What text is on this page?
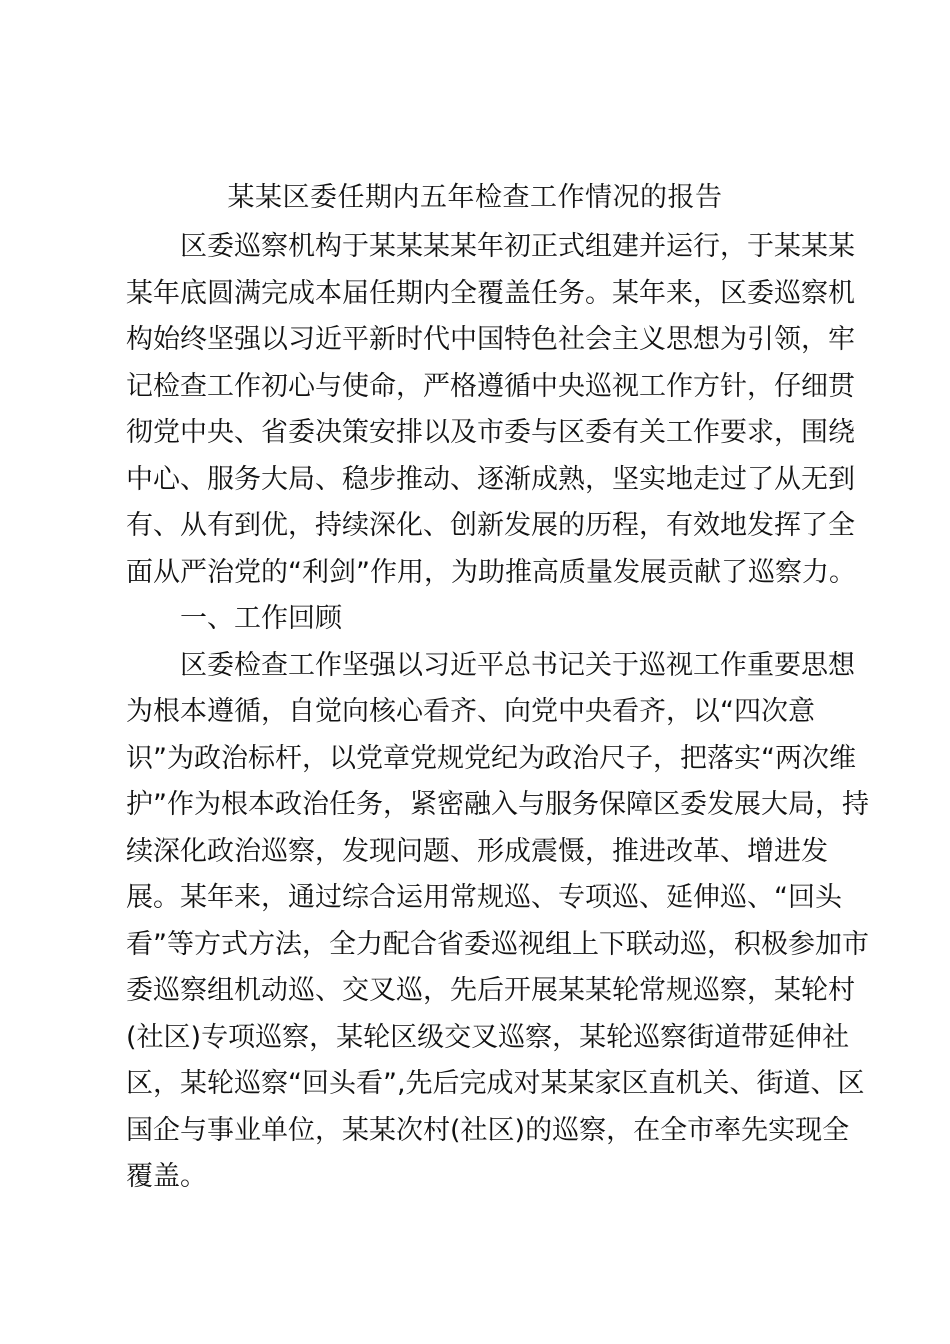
某某区委任期内五年检查工作情况的报告
区委巡察机构于某某某某年初正式组建并运行，于某某某
某年底圆满完成本届任期内全覆盖任务。某年来，区委巡察机
构始终坚强以习近平新时代中国特色社会主义思想为引领，牢
记检查工作初心与使命，严格遵循中央巡视工作方针，仔细贯
彻党中央、省委决策安排以及市委与区委有关工作要求，围绕
中心、服务大局、稳步推动、逐渐成熟，坚实地走过了从无到
有、从有到优，持续深化、创新发展的历程，有效地发挥了全
面从严治党的“利剑”作用，为助推高质量发展贡献了巡察力。
一、工作回顾
区委检查工作坚强以习近平总书记关于巡视工作重要思想
为根本遵循，自觉向核心看齐、向党中央看齐，以“四次意
识”为政治标杆，以党章党规党纪为政治尺子，把落实“两次维
护”作为根本政治任务，紧密融入与服务保障区委发展大局，持
续深化政治巡察，发现问题、形成震慑，推进改革、增进发
展。某年来，通过综合运用常规巡、专项巡、延伸巡、“回头
看”等方式方法，全力配合省委巡视组上下联动巡，积极参加市
委巡察组机动巡、交叉巡，先后开展某某轮常规巡察，某轮村
(社区)专项巡察，某轮区级交叉巡察，某轮巡察街道带延伸社
区，某轮巡察“回头看”,先后完成对某某家区直机关、街道、区
国企与事业单位，某某次村(社区)的巡察，在全市率先实现全
覆盖。
